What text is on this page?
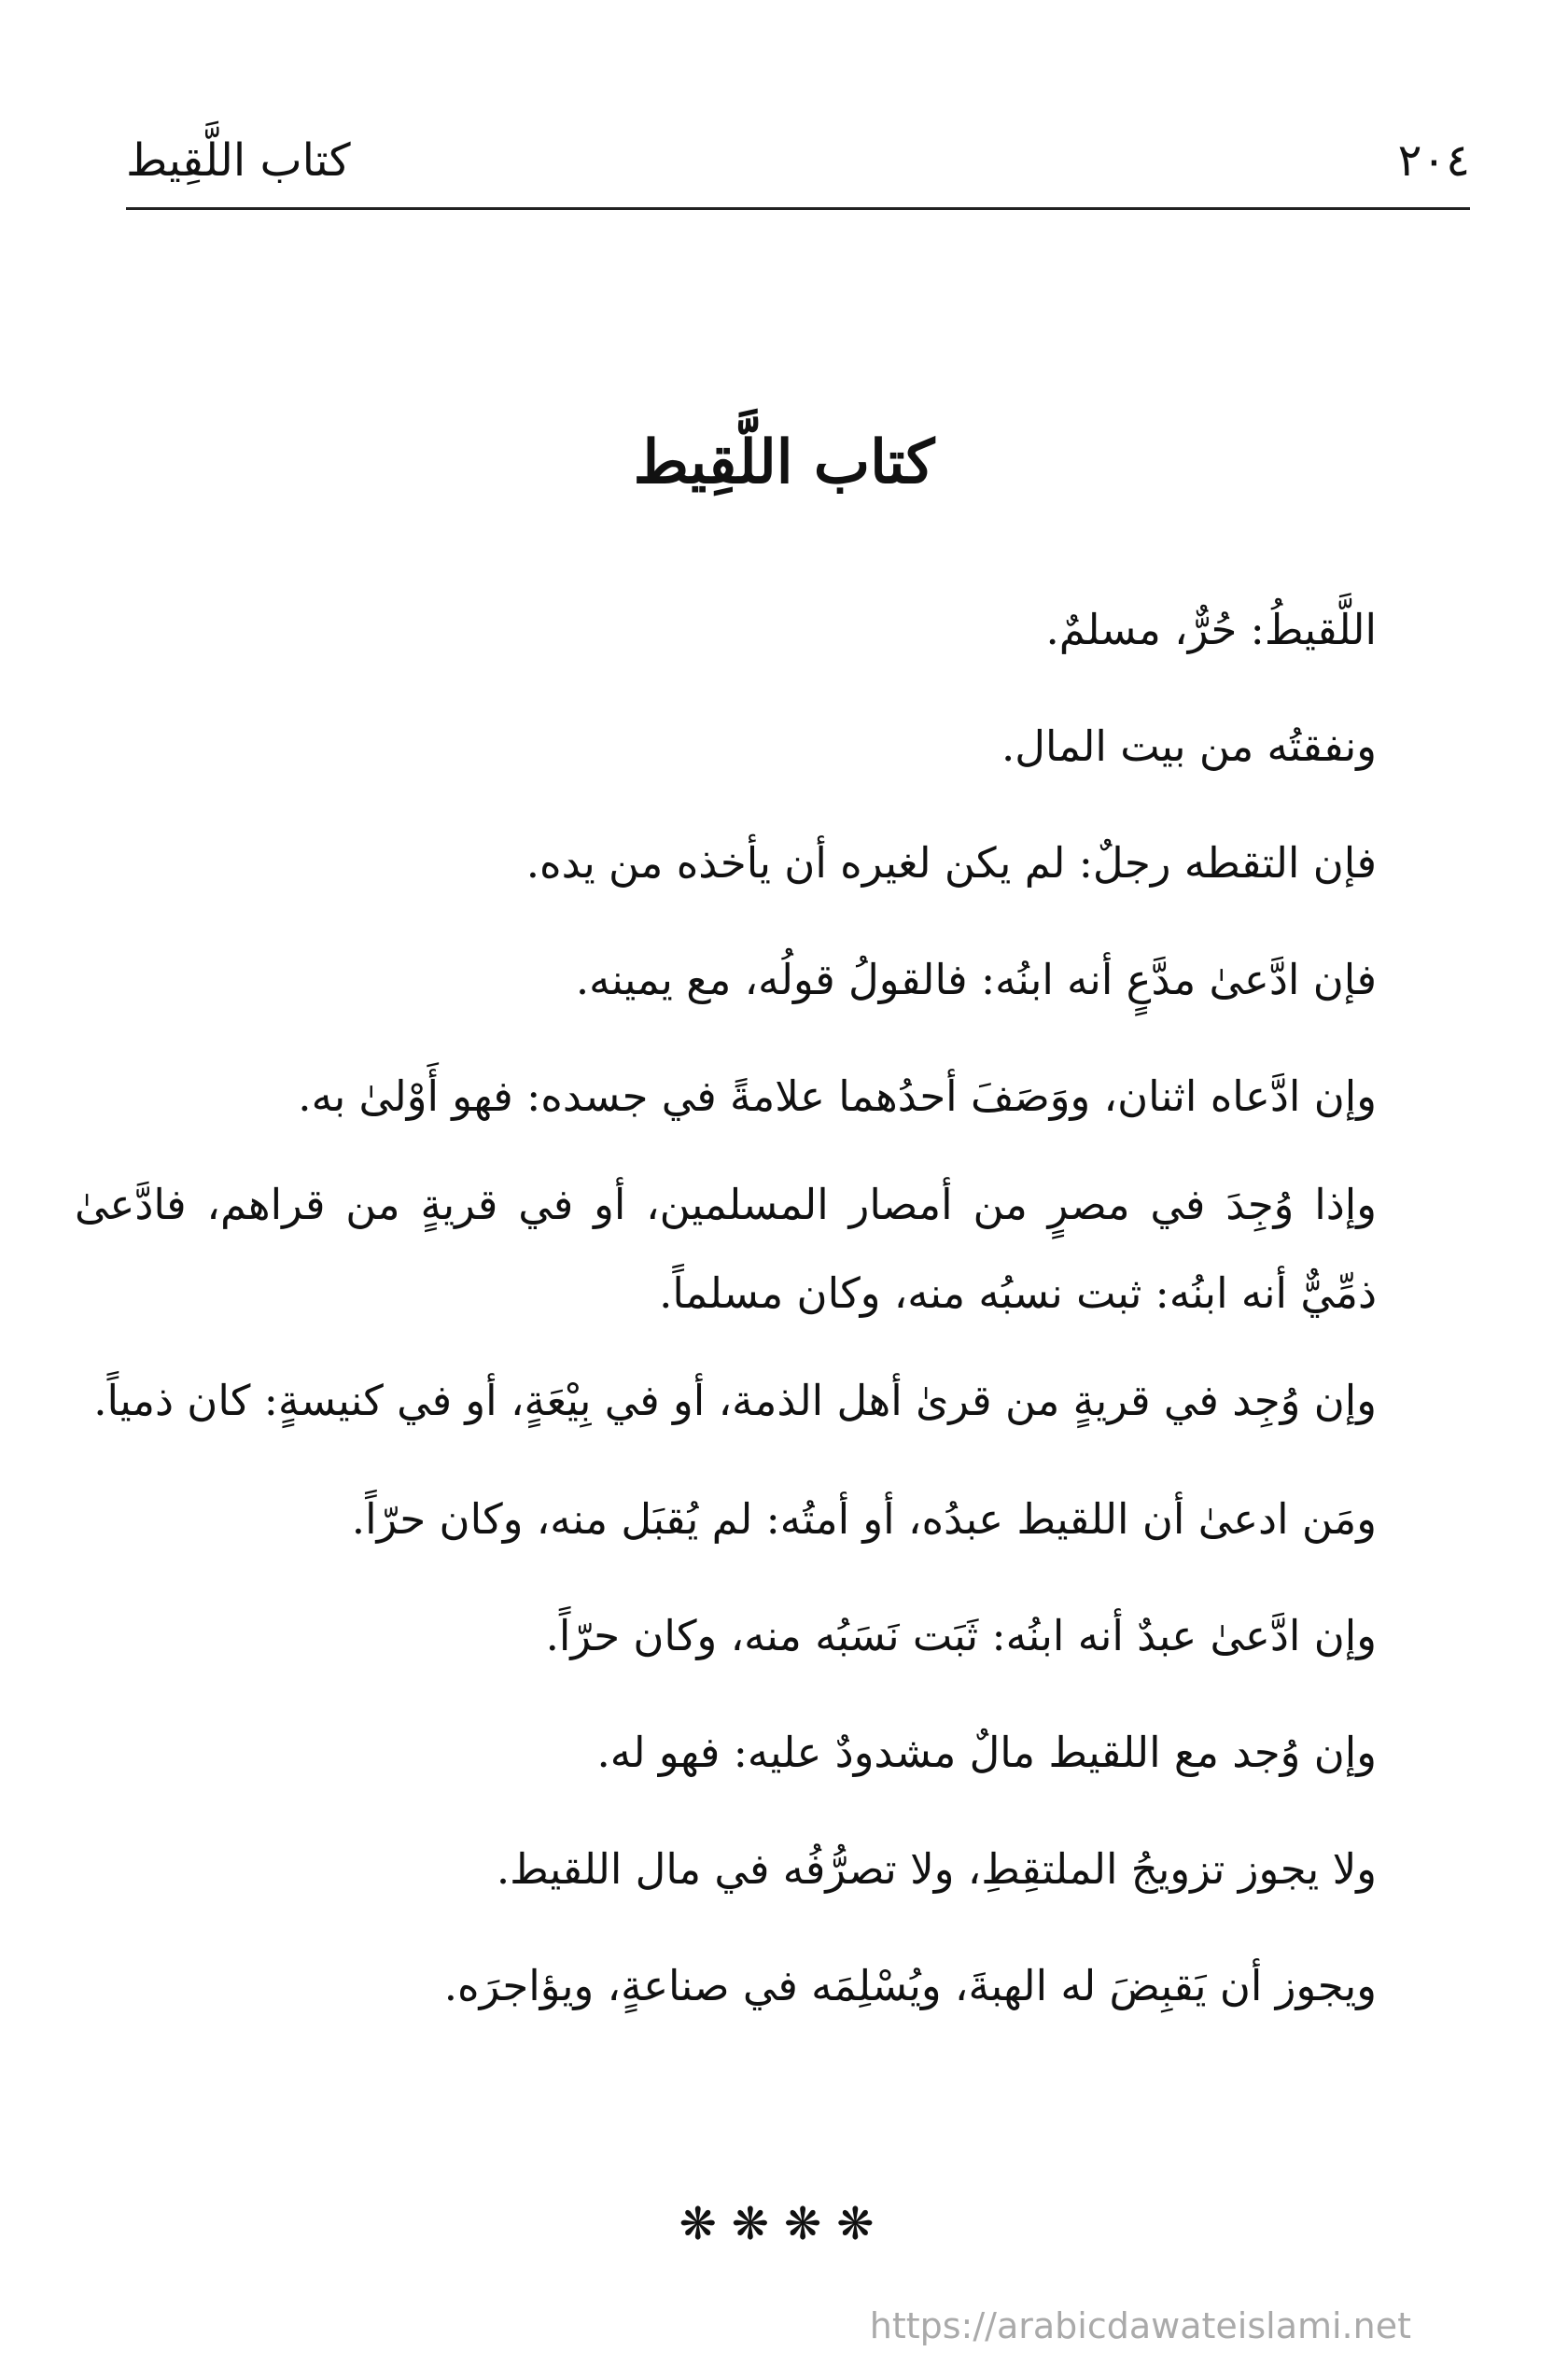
كتاب اللَّقِيط	٢٠٤
كتاب اللَّقِيط

اللَّقيطُ: حُرٌّ، مسلمٌ.

ونفقتُه من بيت المال.

فإن التقطه رجلٌ: لم يكن لغيره أن يأخذه من يده.

فإن ادَّعىٰ مدَّعٍ أنه ابنُه: فالقولُ قولُه، مع يمينه.

وإن ادَّعاه اثنان، ووَصَفَ أحدُهما علامةً في جسده: فهو أَوْلىٰ به.

وإذا وُجِدَ في مصرٍ من أمصار المسلمين، أو في قريةٍ من قراهم، فادَّعىٰ ذمِّيٌّ أنه ابنُه: ثبت نسبُه منه، وكان مسلماً.

وإن وُجِد في قريةٍ من قرىٰ أهل الذمة، أو في بِيْعَةٍ، أو في كنيسةٍ: كان ذمياً.

ومَن ادعىٰ أن اللقيط عبدُه، أو أمتُه: لم يُقبَل منه، وكان حرّاً.

وإن ادَّعىٰ عبدٌ أنه ابنُه: ثَبَت نَسَبُه منه، وكان حرّاً.

وإن وُجد مع اللقيط مالٌ مشدودٌ عليه: فهو له.

ولا يجوز تزويجُ الملتقِطِ، ولا تصرُّفُه في مال اللقيط.

ويجوز أن يَقبِضَ له الهبةَ، ويُسْلِمَه في صناعةٍ، ويؤاجرَه.

❋❋❋❋
https://arabicdawateislami.net
